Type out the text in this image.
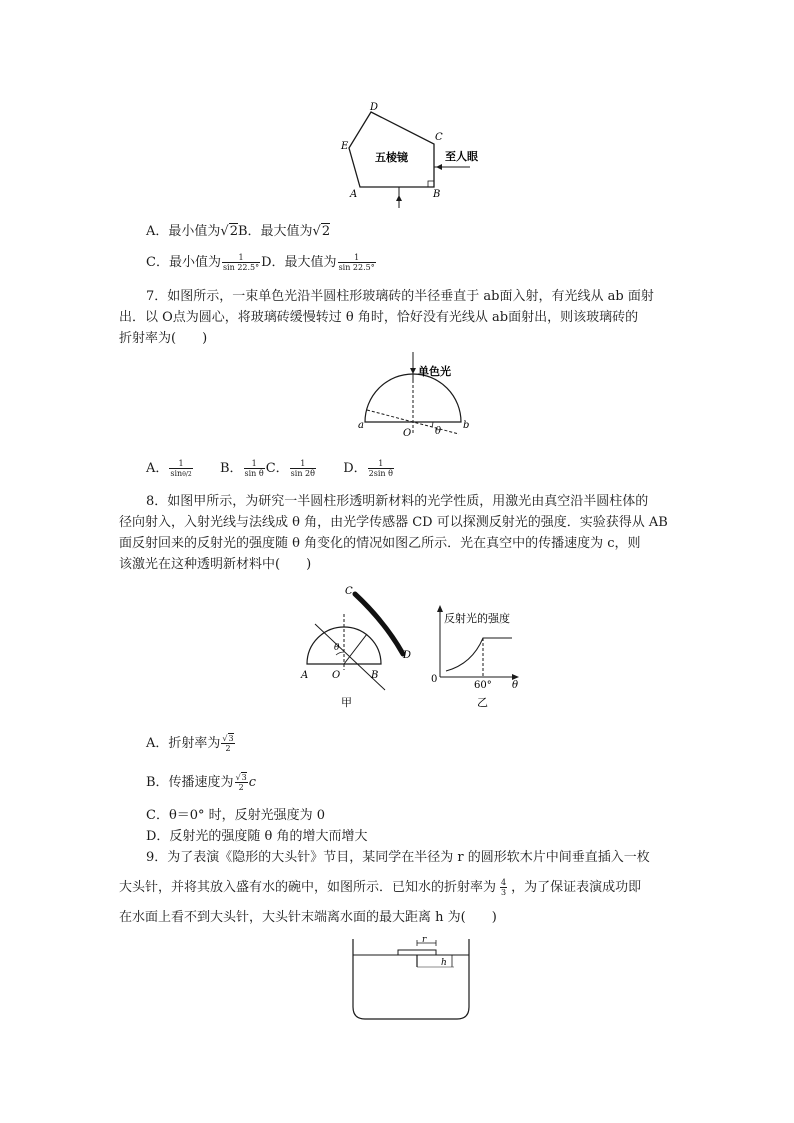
五棱镜
D
C
E
A	B
至人眼
A．最小值为√2B．最大值为√2
C．最小值为 $\frac{1}{\sin 22.5^\circ}$ D．最大值为 $\frac{1}{\sin 22.5^\circ}$
7．如图所示，一束单色光沿半圆柱形玻璃砖的半径垂直于 ab面入射，有光线从 ab 面射
出．以 O点为圆心，将玻璃砖缓慢转过 θ 角时，恰好没有光线从 ab面射出，则该玻璃砖的
折射率为(　　)
单色光
a
O θ
b
A． $\frac{1}{\sin\theta/2}$ B． $\frac{1}{\text{sin θ}}$ C． $\frac{1}{\sin 2\theta}$ D． $\frac{1}{\text{2sin θ}}$
8．如图甲所示，为研究一半圆柱形透明新材料的光学性质，用激光由真空沿半圆柱体的
径向射入，入射光线与法线成 θ 角，由光学传感器 CD 可以探测反射光的强度．实验获得从 AB
面反射回来的反射光的强度随 θ 角变化的情况如图乙所示．光在真空中的传播速度为 c，则
该激光在这种透明新材料中(　　)
C
D
A O	B
θ
甲
反射光的强度
0
60° θ
乙
A．折射率为 $\frac{√3}{2}$
B．传播速度为 $\frac{√3}{2}$ c
C．θ＝0° 时，反射光强度为 0
D．反射光的强度随 θ 角的增大而增大
9．为了表演《隐形的大头针》节目，某同学在半径为 r 的圆形软木片中间垂直插入一枚
大头针，并将其放入盛有水的碗中，如图所示．已知水的折射率为 $\frac{4}{3}$ ，为了保证表演成功即
在水面上看不到大头针，大头针末端离水面的最大距离 h 为(　　)
r
h
